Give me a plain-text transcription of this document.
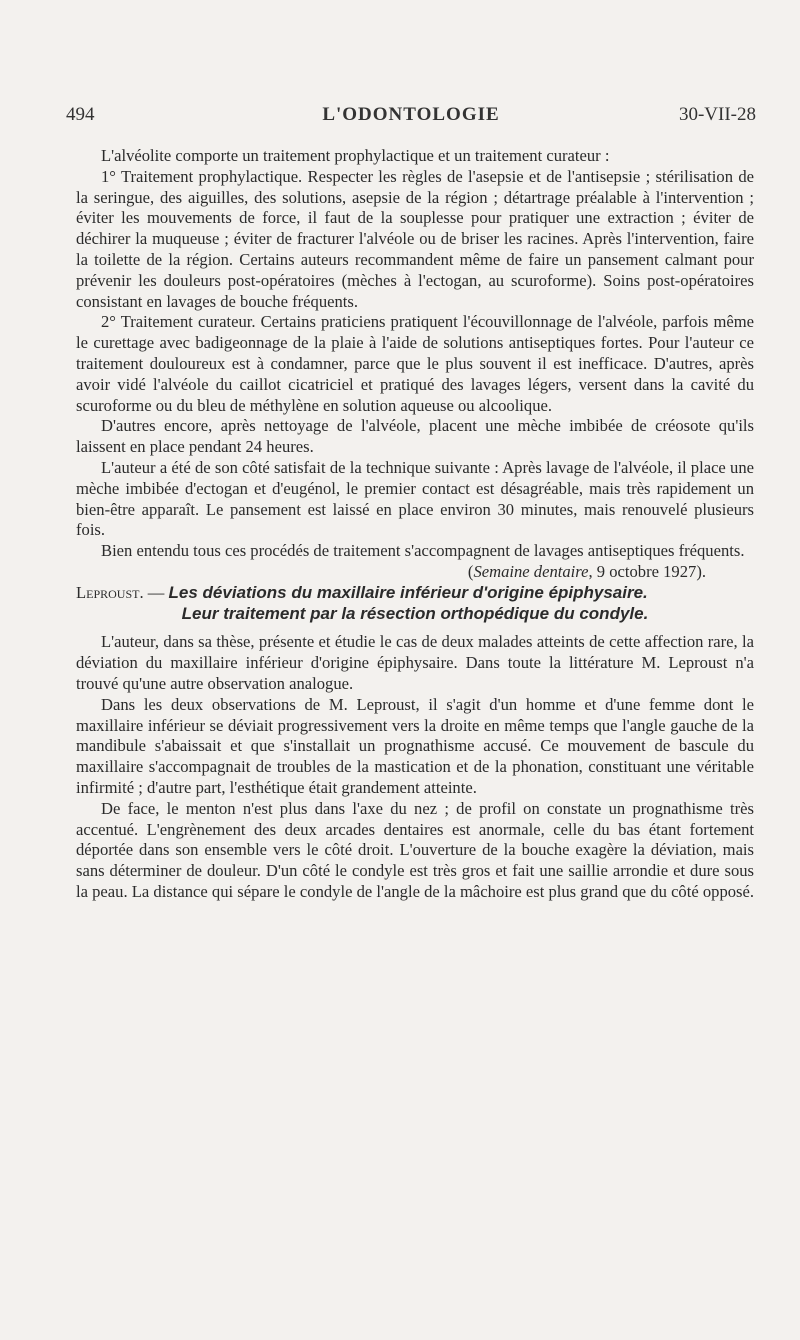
494	L'ODONTOLOGIE	30-VII-28

L'alvéolite comporte un traitement prophylactique et un traitement curateur :

1° Traitement prophylactique. Respecter les règles de l'asepsie et de l'antisepsie ; stérilisation de la seringue, des aiguilles, des solutions, asepsie de la région ; détartrage préalable à l'intervention ; éviter les mouvements de force, il faut de la souplesse pour pratiquer une extraction ; éviter de déchirer la muqueuse ; éviter de fracturer l'alvéole ou de briser les racines. Après l'intervention, faire la toilette de la région. Certains auteurs recommandent même de faire un pansement calmant pour prévenir les douleurs post-opératoires (mèches à l'ectogan, au scuroforme). Soins post-opératoires consistant en lavages de bouche fréquents.

2° Traitement curateur. Certains praticiens pratiquent l'écouvillonnage de l'alvéole, parfois même le curettage avec badigeonnage de la plaie à l'aide de solutions antiseptiques fortes. Pour l'auteur ce traitement douloureux est à condamner, parce que le plus souvent il est inefficace. D'autres, après avoir vidé l'alvéole du caillot cicatriciel et pratiqué des lavages légers, versent dans la cavité du scuroforme ou du bleu de méthylène en solution aqueuse ou alcoolique.

D'autres encore, après nettoyage de l'alvéole, placent une mèche imbibée de créosote qu'ils laissent en place pendant 24 heures.

L'auteur a été de son côté satisfait de la technique suivante : Après lavage de l'alvéole, il place une mèche imbibée d'ectogan et d'eugénol, le premier contact est désagréable, mais très rapidement un bien-être apparaît. Le pansement est laissé en place environ 30 minutes, mais renouvelé plusieurs fois.

Bien entendu tous ces procédés de traitement s'accompagnent de lavages antiseptiques fréquents.

(Semaine dentaire, 9 octobre 1927).

Leproust. — Les déviations du maxillaire inférieur d'origine épiphysaire.
Leur traitement par la résection orthopédique du condyle.

L'auteur, dans sa thèse, présente et étudie le cas de deux malades atteints de cette affection rare, la déviation du maxillaire inférieur d'origine épiphysaire. Dans toute la littérature M. Leproust n'a trouvé qu'une autre observation analogue.

Dans les deux observations de M. Leproust, il s'agit d'un homme et d'une femme dont le maxillaire inférieur se déviait progressivement vers la droite en même temps que l'angle gauche de la mandibule s'abaissait et que s'installait un prognathisme accusé. Ce mouvement de bascule du maxillaire s'accompagnait de troubles de la mastication et de la phonation, constituant une véritable infirmité ; d'autre part, l'esthétique était grandement atteinte.

De face, le menton n'est plus dans l'axe du nez ; de profil on constate un prognathisme très accentué. L'engrènement des deux arcades dentaires est anormale, celle du bas étant fortement déportée dans son ensemble vers le côté droit. L'ouverture de la bouche exagère la déviation, mais sans déterminer de douleur. D'un côté le condyle est très gros et fait une saillie arrondie et dure sous la peau. La distance qui sépare le condyle de l'angle de la mâchoire est plus grand que du côté opposé.
